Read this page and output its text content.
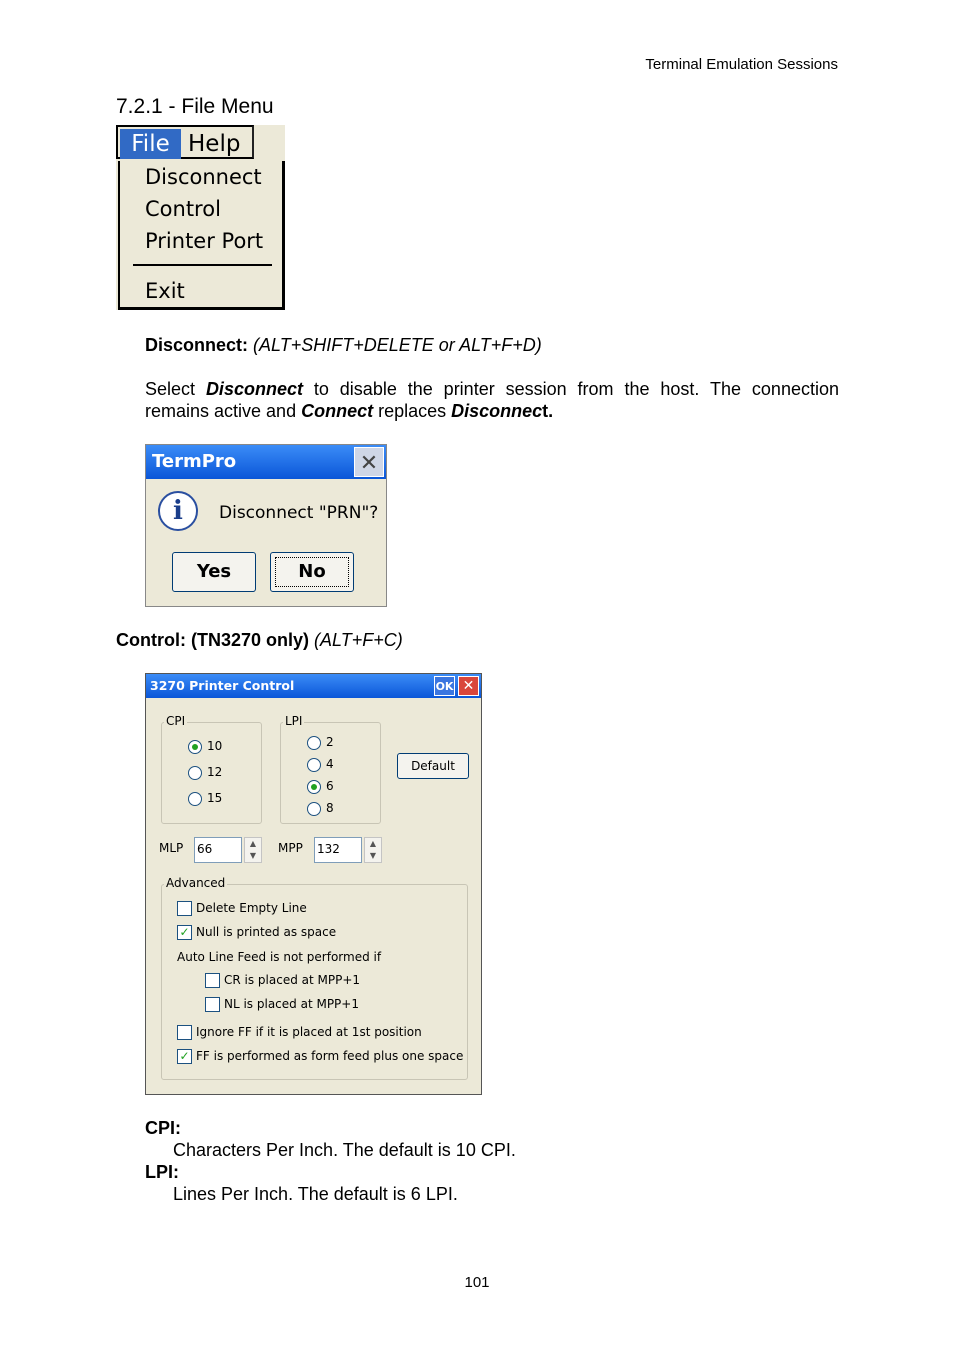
Terminal Emulation Sessions
7.2.1 - File Menu
File Help
Disconnect
Control
Printer Port
Exit
Disconnect: (ALT+SHIFT+DELETE or ALT+F+D)
Select Disconnect to disable the printer session from the host. The connection remains active and Connect replaces Disconnect.
TermPro	✕
i	Disconnect "PRN"?
Yes	No
Control: (TN3270 only) (ALT+F+C)
3270 Printer Control	OK ✕
CPI
10
12
15
LPI
2
4
6
8
Default
MLP 66	▲
▼
MPP 132	▲
▼
Advanced
Delete Empty Line
✓ Null is printed as space
Auto Line Feed is not performed if
CR is placed at MPP+1
NL is placed at MPP+1
Ignore FF if it is placed at 1st position
✓ FF is performed as form feed plus one space
CPI:
Characters Per Inch. The default is 10 CPI.
LPI:
Lines Per Inch. The default is 6 LPI.
101
